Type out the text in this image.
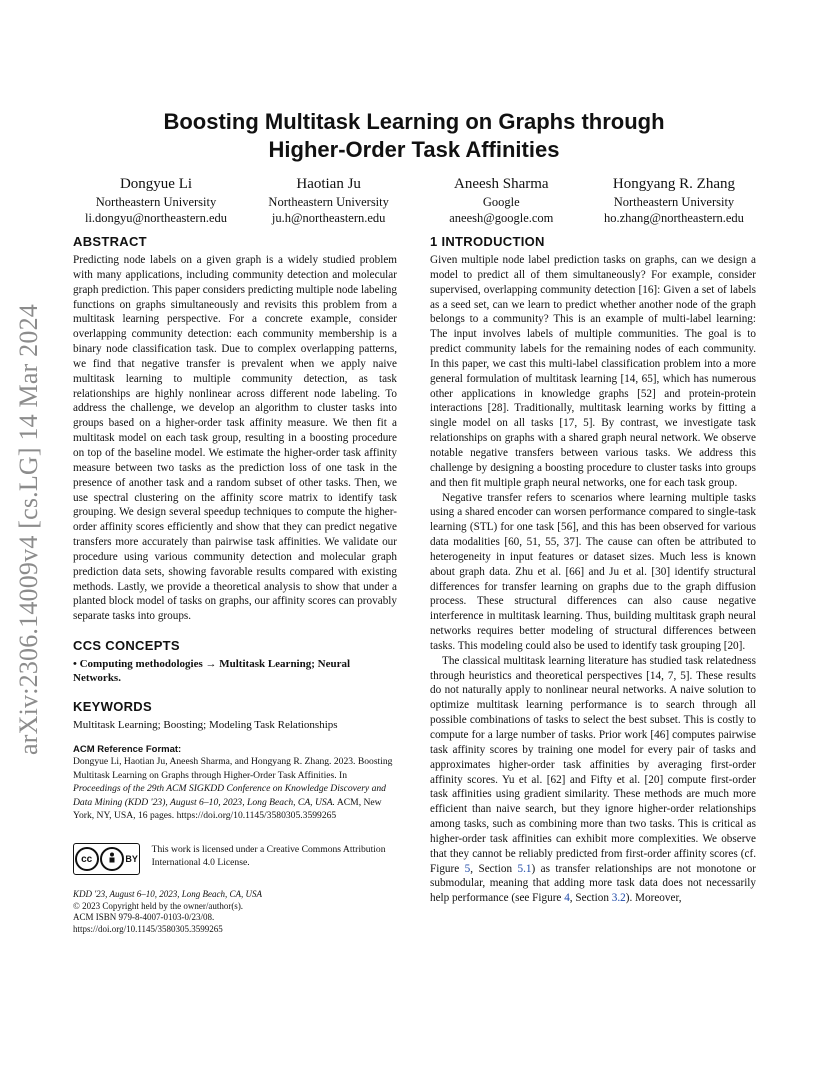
arXiv:2306.14009v4 [cs.LG] 14 Mar 2024
Boosting Multitask Learning on Graphs through
Higher-Order Task Affinities
Dongyue Li
Northeastern University
li.dongyu@northeastern.edu
Haotian Ju
Northeastern University
ju.h@northeastern.edu
Aneesh Sharma
Google
aneesh@google.com
Hongyang R. Zhang
Northeastern University
ho.zhang@northeastern.edu
ABSTRACT

Predicting node labels on a given graph is a widely studied problem with many applications, including community detection and molecular graph prediction. This paper considers predicting multiple node labeling functions on graphs simultaneously and revisits this problem from a multitask learning perspective. For a concrete example, consider overlapping community detection: each community membership is a binary node classification task. Due to complex overlapping patterns, we find that negative transfer is prevalent when we apply naive multitask learning to multiple community detection, as task relationships are highly nonlinear across different node labeling. To address the challenge, we develop an algorithm to cluster tasks into groups based on a higher-order task affinity measure. We then fit a multitask model on each task group, resulting in a boosting procedure on top of the baseline model. We estimate the higher-order task affinity measure between two tasks as the prediction loss of one task in the presence of another task and a random subset of other tasks. Then, we use spectral clustering on the affinity score matrix to identify task grouping. We design several speedup techniques to compute the higher-order affinity scores efficiently and show that they can predict negative transfers more accurately than pairwise task affinities. We validate our procedure using various community detection and molecular graph prediction data sets, showing favorable results compared with existing methods. Lastly, we provide a theoretical analysis to show that under a planted block model of tasks on graphs, our affinity scores can provably separate tasks into groups.

CCS CONCEPTS

• Computing methodologies → Multitask Learning; Neural Networks.

KEYWORDS

Multitask Learning; Boosting; Modeling Task Relationships

ACM Reference Format:

Dongyue Li, Haotian Ju, Aneesh Sharma, and Hongyang R. Zhang. 2023. Boosting Multitask Learning on Graphs through Higher-Order Task Affinities. In Proceedings of the 29th ACM SIGKDD Conference on Knowledge Discovery and Data Mining (KDD '23), August 6–10, 2023, Long Beach, CA, USA. ACM, New York, NY, USA, 16 pages. https://doi.org/10.1145/3580305.3599265

cc	BY
This work is licensed under a Creative Commons Attribution International 4.0 License.
KDD '23, August 6–10, 2023, Long Beach, CA, USA
© 2023 Copyright held by the owner/author(s).
ACM ISBN 979-8-4007-0103-0/23/08.
https://doi.org/10.1145/3580305.3599265
1 INTRODUCTION

Given multiple node label prediction tasks on graphs, can we design a model to predict all of them simultaneously? For example, consider supervised, overlapping community detection [16]: Given a set of labels as a seed set, can we learn to predict whether another node of the graph belongs to a community? This is an example of multi-label learning: The input involves labels of multiple communities. The goal is to predict community labels for the remaining nodes of each community. In this paper, we cast this multi-label classification problem into a more general formulation of multitask learning [14, 65], which has numerous other applications in knowledge graphs [52] and protein-protein interactions [28]. Traditionally, multitask learning works by fitting a single model on all tasks [17, 5]. By contrast, we investigate task relationships on graphs with a shared graph neural network. We observe notable negative transfers between various tasks. We address this challenge by designing a boosting procedure to cluster tasks into groups and then fit multiple graph neural networks, one for each task group.

Negative transfer refers to scenarios where learning multiple tasks using a shared encoder can worsen performance compared to single-task learning (STL) for one task [56], and this has been observed for various data modalities [60, 51, 55, 37]. The cause can often be attributed to heterogeneity in input features or dataset sizes. Much less is known about graph data. Zhu et al. [66] and Ju et al. [30] identify structural differences for transfer learning on graphs due to the graph diffusion process. These structural differences can also cause negative interference in multitask learning. Thus, building multitask graph neural networks requires better modeling of structural differences between tasks. This modeling could also be used to identify task grouping [20].

The classical multitask learning literature has studied task relatedness through heuristics and theoretical perspectives [14, 7, 5]. These results do not naturally apply to nonlinear neural networks. A naive solution to optimize multitask learning performance is to search through all possible combinations of tasks to select the best subset. This is costly to compute for a large number of tasks. Prior work [46] computes pairwise task affinity scores by training one model for every pair of tasks and approximates higher-order task affinities by averaging first-order affinity scores. Yu et al. [62] and Fifty et al. [20] compute first-order task affinities using gradient similarity. These methods are much more efficient than naive search, but they ignore higher-order relationships among tasks, such as combining more than two tasks. This is critical as higher-order task affinities can exhibit more complexities. We observe that they cannot be reliably predicted from first-order affinity scores (cf. Figure 5, Section 5.1) as transfer relationships are not monotone or submodular, meaning that adding more task data does not necessarily help performance (see Figure 4, Section 3.2). Moreover,
